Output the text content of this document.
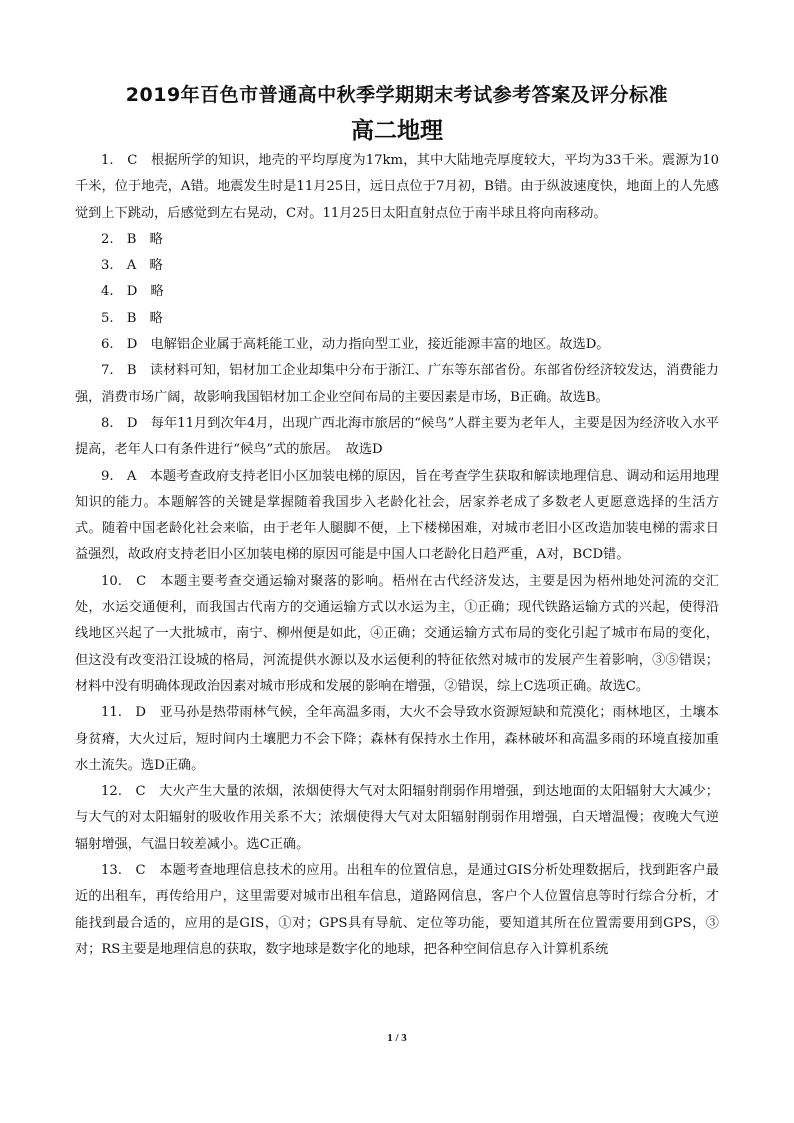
2019年百色市普通高中秋季学期期末考试参考答案及评分标准
高二地理

1.　C　根据所学的知识，地壳的平均厚度为17km，其中大陆地壳厚度较大，平均为33千米。震源为10千米，位于地壳，A错。地震发生时是11月25日，远日点位于7月初，B错。由于纵波速度快，地面上的人先感觉到上下跳动，后感觉到左右晃动，C对。11月25日太阳直射点位于南半球且将向南移动。

2.　B　略

3.　A　略

4.　D　略

5.　B　略

6.　D　电解铝企业属于高耗能工业，动力指向型工业，接近能源丰富的地区。故选D。

7.　B　读材料可知，铝材加工企业却集中分布于浙江、广东等东部省份。东部省份经济较发达，消费能力强，消费市场广阔，故影响我国铝材加工企业空间布局的主要因素是市场，B正确。故选B。

8.　D　每年11月到次年4月，出现广西北海市旅居的“候鸟”人群主要为老年人，主要是因为经济收入水平提高，老年人口有条件进行“候鸟”式的旅居。　故选D

9.　A　本题考查政府支持老旧小区加装电梯的原因，旨在考查学生获取和解读地理信息、调动和运用地理知识的能力。本题解答的关键是掌握随着我国步入老龄化社会，居家养老成了多数老人更愿意选择的生活方式。随着中国老龄化社会来临，由于老年人腿脚不便，上下楼梯困难，对城市老旧小区改造加装电梯的需求日益强烈，故政府支持老旧小区加装电梯的原因可能是中国人口老龄化日趋严重，A对，BCD错。

10.　C　本题主要考查交通运输对聚落的影响。梧州在古代经济发达，主要是因为梧州地处河流的交汇处，水运交通便利，而我国古代南方的交通运输方式以水运为主，①正确；现代铁路运输方式的兴起，使得沿线地区兴起了一大批城市，南宁、柳州便是如此，④正确；交通运输方式布局的变化引起了城市布局的变化，但这没有改变沿江设城的格局，河流提供水源以及水运便利的特征依然对城市的发展产生着影响，③⑤错误；材料中没有明确体现政治因素对城市形成和发展的影响在增强，②错误，综上C选项正确。故选C。

11.　D　亚马孙是热带雨林气候，全年高温多雨，大火不会导致水资源短缺和荒漠化；雨林地区，土壤本身贫瘠，大火过后，短时间内土壤肥力不会下降；森林有保持水土作用，森林破坏和高温多雨的环境直接加重水土流失。选D正确。

12.　C　大火产生大量的浓烟，浓烟使得大气对太阳辐射削弱作用增强，到达地面的太阳辐射大大减少；与大气的对太阳辐射的吸收作用关系不大；浓烟使得大气对太阳辐射削弱作用增强，白天增温慢；夜晚大气逆辐射增强，气温日较差减小。选C正确。

13.　C　本题考查地理信息技术的应用。出租车的位置信息，是通过GIS分析处理数据后，找到距客户最近的出租车，再传给用户，这里需要对城市出租车信息，道路网信息，客户个人位置信息等时行综合分析，才能找到最合适的，应用的是GIS，①对；GPS具有导航、定位等功能，要知道其所在位置需要用到GPS，③对；RS主要是地理信息的获取，数字地球是数字化的地球，把各种空间信息存入计算机系统

1 / 3
